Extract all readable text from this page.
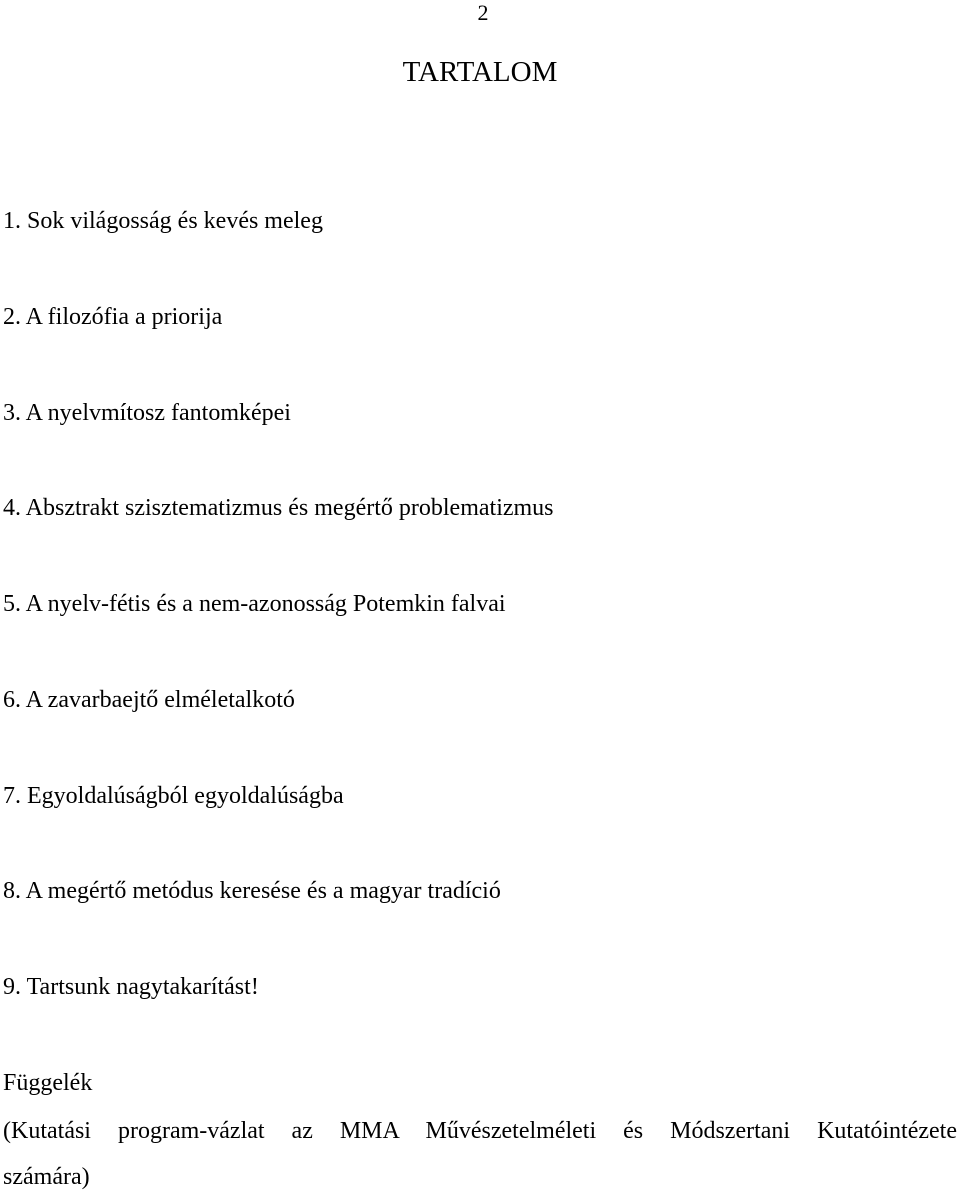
2
TARTALOM
1. Sok világosság és kevés meleg
2. A filozófia a priorija
3. A nyelvmítosz fantomképei
4. Absztrakt szisztematizmus és megértő problematizmus
5. A nyelv-fétis és a nem-azonosság Potemkin falvai
6. A zavarbaejtő elméletalkotó
7. Egyoldalúságból egyoldalúságba
8. A megértő metódus keresése és a magyar tradíció
9. Tartsunk nagytakarítást!
Függelék
(Kutatási program-vázlat az MMA Művészetelméleti és Módszertani Kutatóintézete
számára)
